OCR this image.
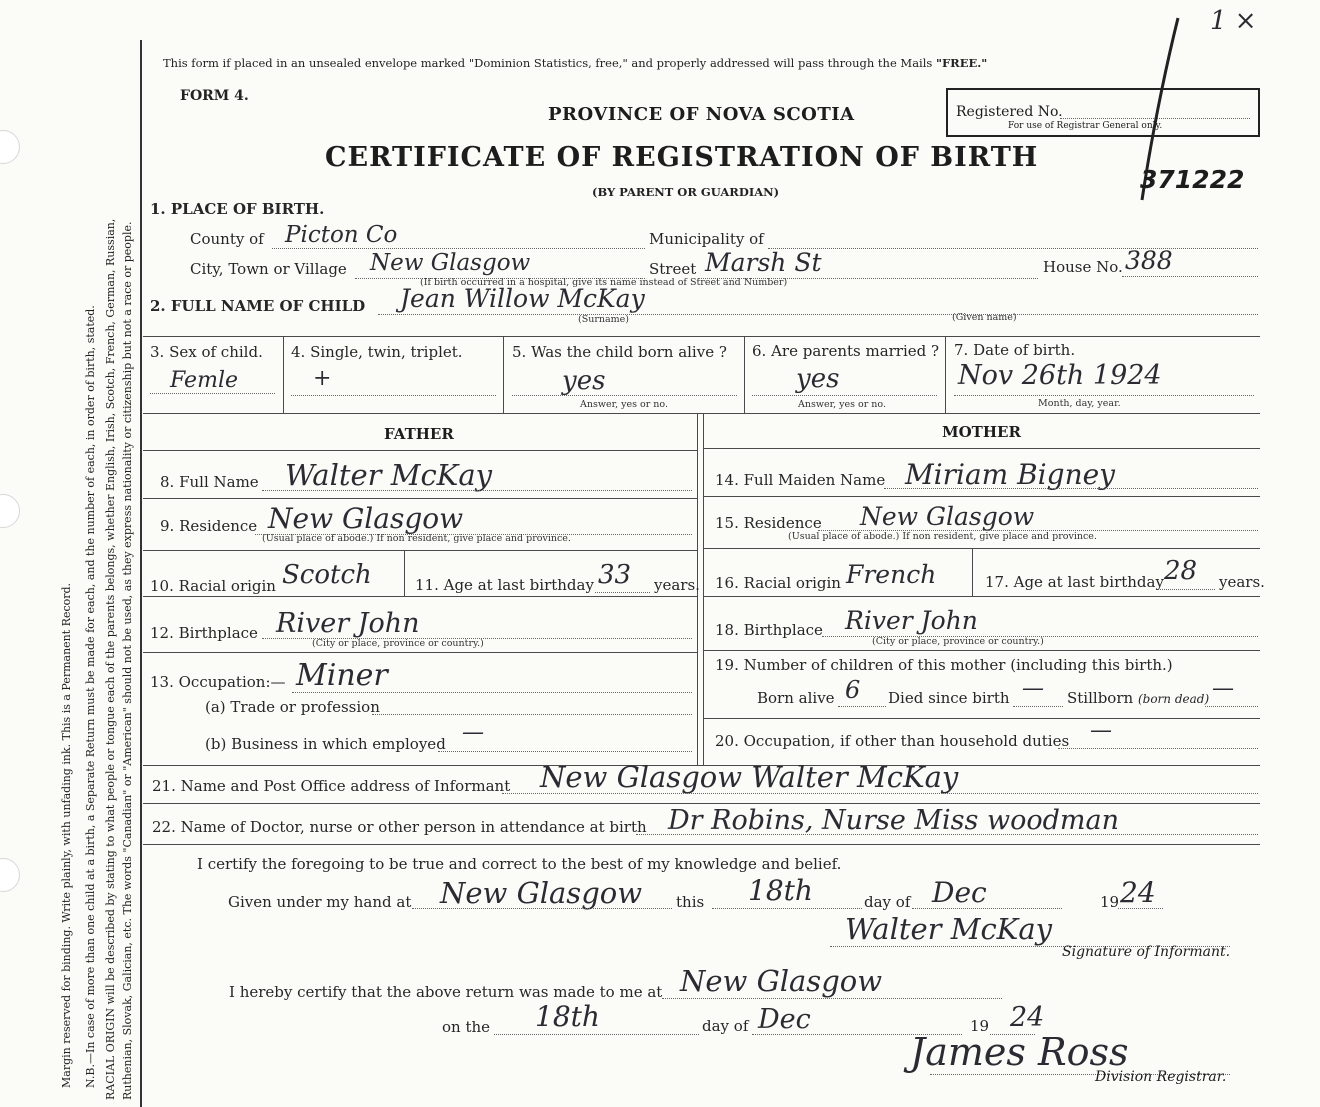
Margin reserved for binding. Write plainly, with unfading ink. This is a Permanent Record. N.B.—In case of more than one child at a birth, a Separate Return must be made for each, and the number of each, in order of birth, stated. RACIAL ORIGIN will be described by stating to what people or tongue each of the parents belongs, whether English, Irish, Scotch, French, German, Russian, Ruthenian, Slovak, Galician, etc. The words "Canadian" or "American" should not be used, as they express nationality or citizenship but not a race or people.
This form if placed in an unsealed envelope marked "Dominion Statistics, free," and properly addressed will pass through the Mails "FREE."
FORM 4.
PROVINCE OF NOVA SCOTIA
CERTIFICATE OF REGISTRATION OF BIRTH
(BY PARENT OR GUARDIAN)
Registered No.
For use of Registrar General only.
1 ×
371222
1. PLACE OF BIRTH.
County of Picton Co	Municipality of
City, Town or Village New Glasgow	Street Marsh St	House No. 388
(If birth occurred in a hospital, give its name instead of Street and Number)
2. FULL NAME OF CHILD Jean Willow McKay
(Surname)	(Given name)
3. Sex of child.
Femle
4. Single, twin, triplet.
+
5. Was the child born alive ?
yes
Answer, yes or no.
6. Are parents married ?
yes
Answer, yes or no.
7. Date of birth.
Nov 26th 1924
Month, day, year.
FATHER	MOTHER
8. Full Name Walter McKay
9. Residence New Glasgow
(Usual place of abode.) If non resident, give place and province.
10. Racial origin Scotch	11. Age at last birthday 33 years.
12. Birthplace River John
(City or place, province or country.)
13. Occupation:— Miner
(a) Trade or profession
(b) Business in which employed —
14. Full Maiden Name Miriam Bigney
15. Residence New Glasgow
(Usual place of abode.) If non resident, give place and province.
16. Racial origin French	17. Age at last birthday 28 years.
18. Birthplace River John
(City or place, province or country.)
19. Number of children of this mother (including this birth.)
Born alive 6 Died since birth — Stillborn (born dead) —
20. Occupation, if other than household duties —
21. Name and Post Office address of Informant New Glasgow Walter McKay
22. Name of Doctor, nurse or other person in attendance at birth Dr Robins, Nurse Miss woodman
I certify the foregoing to be true and correct to the best of my knowledge and belief.
Given under my hand at New Glasgow this 18th	day of Dec	19 24
Walter McKay
Signature of Informant.
I hereby certify that the above return was made to me at New Glasgow
on the 18th	day of Dec	19 24
James Ross
Division Registrar.
